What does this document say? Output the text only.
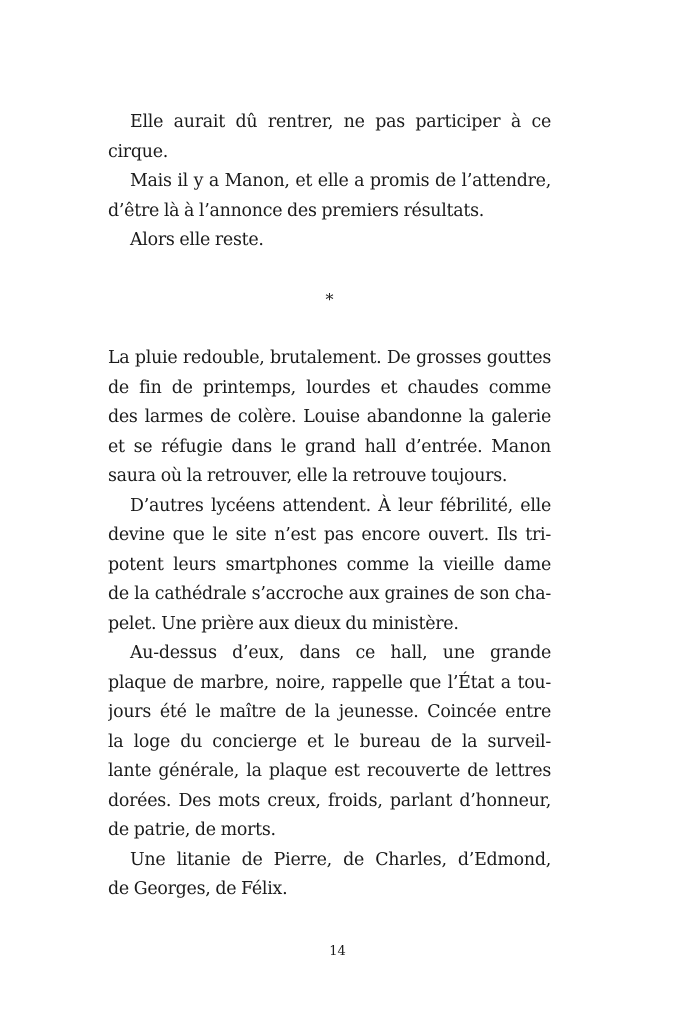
Elle aurait dû rentrer, ne pas participer à ce
cirque.
Mais il y a Manon, et elle a promis de l’attendre,
d’être là à l’annonce des premiers résultats.
Alors elle reste.
*
La pluie redouble, brutalement. De grosses gouttes
de fin de printemps, lourdes et chaudes comme
des larmes de colère. Louise abandonne la galerie
et se réfugie dans le grand hall d’entrée. Manon
saura où la retrouver, elle la retrouve toujours.
D’autres lycéens attendent. À leur fébrilité, elle
devine que le site n’est pas encore ouvert. Ils tri-
potent leurs smartphones comme la vieille dame
de la cathédrale s’accroche aux graines de son cha-
pelet. Une prière aux dieux du ministère.
Au-dessus d’eux, dans ce hall, une grande
plaque de marbre, noire, rappelle que l’État a tou-
jours été le maître de la jeunesse. Coincée entre
la loge du concierge et le bureau de la surveil-
lante générale, la plaque est recouverte de lettres
dorées. Des mots creux, froids, parlant d’honneur,
de patrie, de morts.
Une litanie de Pierre, de Charles, d’Edmond,
de Georges, de Félix.
14
